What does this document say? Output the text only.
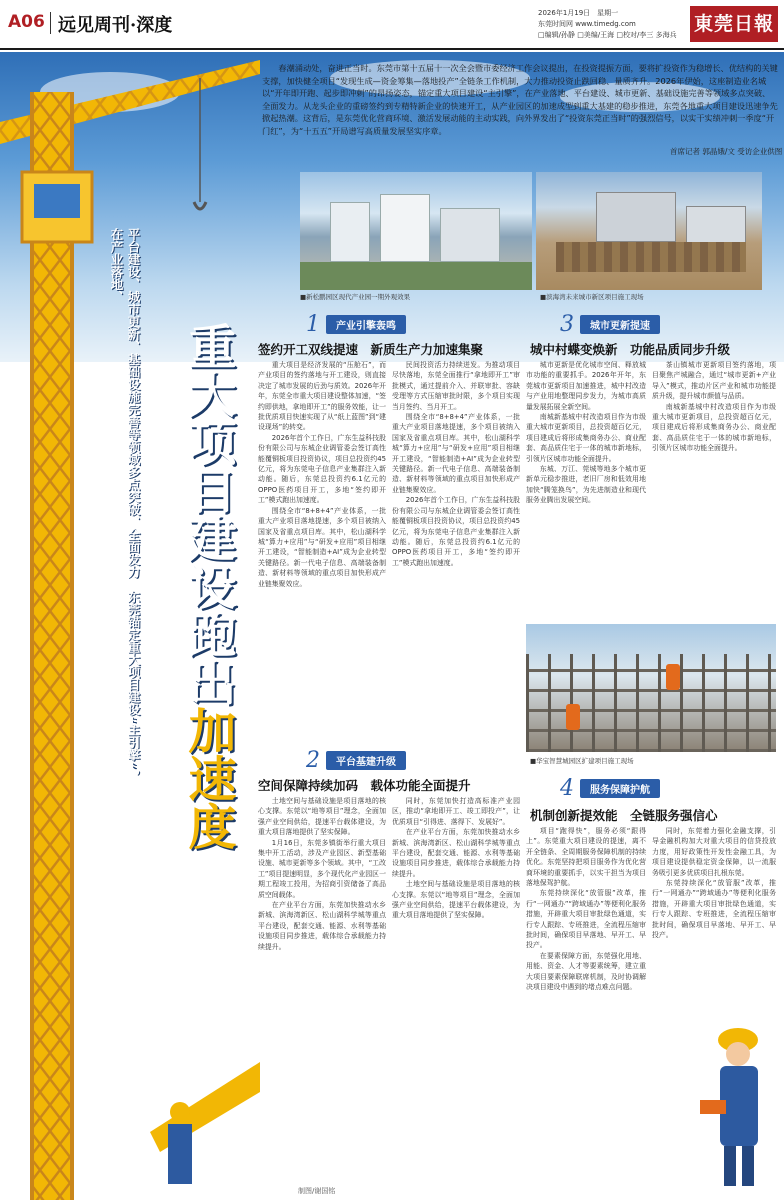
A06 远见周刊·深度
2026年1月19日　星期一
东莞时间网 www.timedg.com
□编辑/孙静 □美编/王海 □校对/李三 多海兵 東莞日報
重大项目建设跑出加速度
平台建设、城市更新、基础设施完善等领域多点突破、全面发力　东莞锚定重大项目建设“主引擎”，在产业落地、
春潮涌动处，奋进正当时。东莞市第十五届十一次全会暨市委经济工作会议提出，在投资提振方面，要将扩投资作为稳增长、优结构的关键支撑，加快健全项目“发现生成—资金筹集—落地投产”全链条工作机制，大力推动投资止跌回稳、量质齐升。2026年伊始，这座制造业名城以“开年即开跑、起步即冲刺”的昂扬姿态，锚定重大项目建设“主引擎”，在产业落地、平台建设、城市更新、基础设施完善等领域多点突破、全面发力。从龙头企业的重磅签约到专精特新企业的快速开工，从产业园区的加速成型到重大基建的稳步推进，东莞各地重大项目建设迅速争先掀起热潮。这背后，是东莞优化营商环境、激活发展动能的主动实践，向外界发出了“投资东莞正当时”的强烈信号，以实干实绩冲刺一季度“开门红”，为“十五五”开局谱写高质量发展坚实序章。
首席记者 郭晶娥/文 受访企业供图
■新松鹏园区现代产业园一期外观效果	■滨海湾未来城市新区项目施工现场
1	产业引擎轰鸣
签约开工双线提速　新质生产力加速集聚

重大项目是经济发展的“压舱石”，而产业项目的签约落地与开工建设，则直接决定了城市发展的后劲与质效。2026年开年，东莞全市重大项目建设整体加速，“签约即供地，拿地即开工”的服务效能，让一批优质项目快速实现了从“纸上蓝图”到“建设现场”的转变。

2026年首个工作日，广东生益科技股份有限公司与东城企业调管委会签订高性能覆铜板项目投资协议，项目总投资约45亿元，将为东莞电子信息产业集群注入新动能。随后，东莞总投资约6.1亿元的OPPO医药项目开工，多地“签约即开工”模式跑出加速度。

围绕全市“8+8+4”产业体系，一批重大产业项目落地提速，多个项目被纳入国家及省重点项目库。其中，松山湖科学城“算力+应用”与“研发+应用”项目相继开工建设，“智能制造+AI”成为企业转型关键路径。新一代电子信息、高端装备制造、新材料等领域的重点项目加快形成产业链集聚效应。

民间投资活力持续迸发。为推动项目尽快落地，东莞全面推行“拿地即开工”审批模式，通过提前介入、并联审批、容缺受理等方式压缩审批时限，多个项目实现当月签约、当月开工。

围绕全市“8+8+4”产业体系，一批重大产业项目落地提速，多个项目被纳入国家及省重点项目库。其中，松山湖科学城“算力+应用”与“研发+应用”项目相继开工建设，“智能制造+AI”成为企业转型关键路径。新一代电子信息、高端装备制造、新材料等领域的重点项目加快形成产业链集聚效应。

2026年首个工作日，广东生益科技股份有限公司与东城企业调管委会签订高性能覆铜板项目投资协议，项目总投资约45亿元，将为东莞电子信息产业集群注入新动能。随后，东莞总投资约6.1亿元的OPPO医药项目开工，多地“签约即开工”模式跑出加速度。

3	城市更新提速
城中村蝶变焕新　功能品质同步升级

城市更新是优化城市空间、释放城市功能的重要抓手。2026年开年，东莞城市更新项目加速推进，城中村改造与产业用地整理同步发力，为城市高质量发展拓展全新空间。

南城新基城中村改造项目作为市级重大城市更新项目，总投资超百亿元，项目建成后将形成集商务办公、商业配套、高品质住宅于一体的城市新地标，引领片区城市功能全面提升。

东城、万江、莞城等地多个城市更新单元稳步推进，老旧厂房和低效用地加快“腾笼换鸟”，为先进制造业和现代服务业腾出发展空间。

茶山镇城市更新项目签约落地，项目聚焦产城融合，通过“城市更新+产业导入”模式，推动片区产业和城市功能提质升级，提升城市颜值与品质。

南城新基城中村改造项目作为市级重大城市更新项目，总投资超百亿元，项目建成后将形成集商务办公、商业配套、高品质住宅于一体的城市新地标，引领片区城市功能全面提升。

■华宝智慧城园区扩建项目施工现场
2	平台基建升级
空间保障持续加码　载体功能全面提升

土地空间与基础设施是项目落地的核心支撑。东莞以“地等项目”理念，全面加强产业空间供给，提速平台载体建设，为重大项目落地提供了坚实保障。

1月16日，东莞多镇街举行重大项目集中开工活动，涉及产业园区、新型基础设施、城市更新等多个领域。其中，“工改工”项目提速明显，多个现代化产业园区一期工程竣工投用，为招商引资储备了高品质空间载体。

在产业平台方面，东莞加快推动水乡新城、滨海湾新区、松山湖科学城等重点平台建设，配套交通、能源、水利等基础设施项目同步推进，载体综合承载能力持续提升。

同时，东莞加快打造高标准产业园区，推动“拿地即开工、竣工即投产”，让优质项目“引得进、落得下、发展好”。

在产业平台方面，东莞加快推动水乡新城、滨海湾新区、松山湖科学城等重点平台建设，配套交通、能源、水利等基础设施项目同步推进，载体综合承载能力持续提升。

土地空间与基础设施是项目落地的核心支撑。东莞以“地等项目”理念，全面加强产业空间供给，提速平台载体建设，为重大项目落地提供了坚实保障。

4	服务保障护航
机制创新提效能　全链服务强信心

项目“跑得快”，服务必须“跟得上”。东莞重大项目建设的提速，离不开全链条、全周期服务保障机制的持续优化。东莞坚持把项目服务作为优化营商环境的重要抓手，以实干担当为项目落地保驾护航。

东莞持续深化“放管服”改革，推行“一网通办”“跨域通办”等便利化服务措施，开辟重大项目审批绿色通道，实行专人跟踪、专班推进，全流程压缩审批时间，确保项目早落地、早开工、早投产。

在要素保障方面，东莞强化用地、用能、资金、人才等要素统筹，建立重大项目要素保障联席机制，及时协调解决项目建设中遇到的堵点难点问题。

同时，东莞着力强化金融支撑，引导金融机构加大对重大项目的信贷投放力度，用好政策性开发性金融工具，为项目建设提供稳定资金保障，以一流服务吸引更多优质项目扎根东莞。

东莞持续深化“放管服”改革，推行“一网通办”“跨域通办”等便利化服务措施，开辟重大项目审批绿色通道，实行专人跟踪、专班推进，全流程压缩审批时间，确保项目早落地、早开工、早投产。

制图/谢国铭
